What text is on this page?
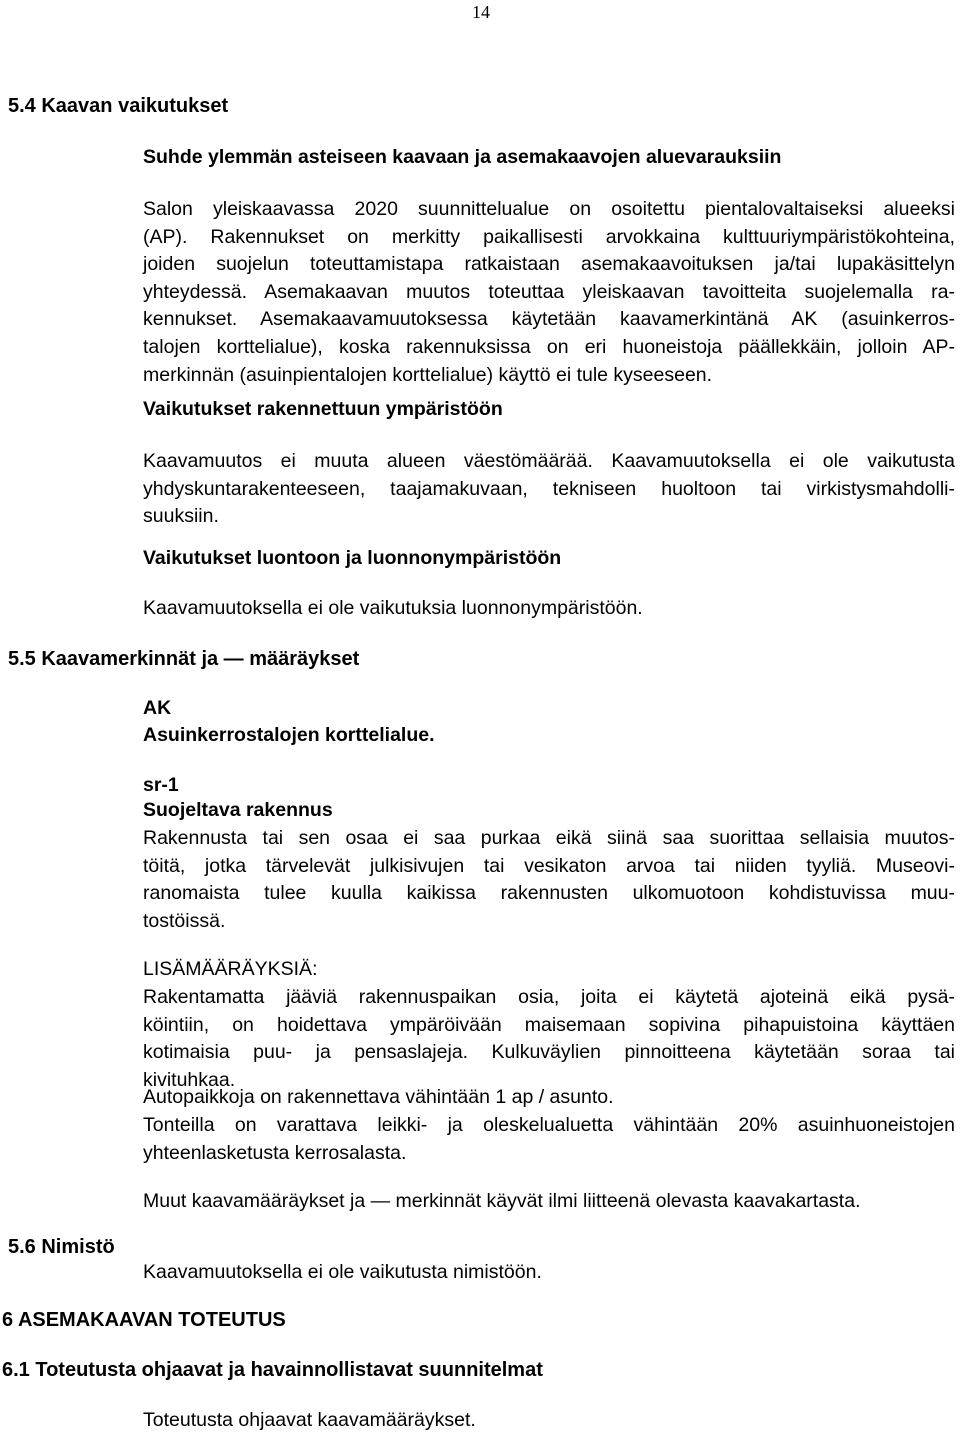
14
5.4 Kaavan vaikutukset
Suhde ylemmän asteiseen kaavaan ja asemakaavojen aluevarauksiin
Salon yleiskaavassa 2020 suunnittelualue on osoitettu pientalovaltaiseksi alueeksi
(AP). Rakennukset on merkitty paikallisesti arvokkaina kulttuuriympäristökohteina,
joiden suojelun toteuttamistapa ratkaistaan asemakaavoituksen ja/tai lupakäsittelyn
yhteydessä. Asemakaavan muutos toteuttaa yleiskaavan tavoitteita suojelemalla ra-
kennukset. Asemakaavamuutoksessa käytetään kaavamerkintänä AK (asuinkerros-
talojen korttelialue), koska rakennuksissa on eri huoneistoja päällekkäin, jolloin AP-
merkinnän (asuinpientalojen korttelialue) käyttö ei tule kyseeseen.
Vaikutukset rakennettuun ympäristöön
Kaavamuutos ei muuta alueen väestömäärää. Kaavamuutoksella ei ole vaikutusta
yhdyskuntarakenteeseen, taajamakuvaan, tekniseen huoltoon tai virkistysmahdolli-
suuksiin.
Vaikutukset luontoon ja luonnonympäristöön
Kaavamuutoksella ei ole vaikutuksia luonnonympäristöön.
5.5 Kaavamerkinnät ja — määräykset
AK
Asuinkerrostalojen korttelialue.
sr-1
Suojeltava rakennus
Rakennusta tai sen osaa ei saa purkaa eikä siinä saa suorittaa sellaisia muutos-
töitä, jotka tärvelevät julkisivujen tai vesikaton arvoa tai niiden tyyliä. Museovi-
ranomaista tulee kuulla kaikissa rakennusten ulkomuotoon kohdistuvissa muu-
tostöissä.
LISÄMÄÄRÄYKSIÄ:
Rakentamatta jääviä rakennuspaikan osia, joita ei käytetä ajoteinä eikä pysä-
köintiin, on hoidettava ympäröivään maisemaan sopivina pihapuistoina käyttäen
kotimaisia puu- ja pensaslajeja. Kulkuväylien pinnoitteena käytetään soraa tai
kivituhkaa.
Autopaikkoja on rakennettava vähintään 1 ap / asunto.
Tonteilla on varattava leikki- ja oleskelualuetta vähintään 20% asuinhuoneistojen
yhteenlasketusta kerrosalasta.
Muut kaavamääräykset ja — merkinnät käyvät ilmi liitteenä olevasta kaavakartasta.
5.6 Nimistö
Kaavamuutoksella ei ole vaikutusta nimistöön.
6 ASEMAKAAVAN TOTEUTUS
6.1 Toteutusta ohjaavat ja havainnollistavat suunnitelmat
Toteutusta ohjaavat kaavamääräykset.
